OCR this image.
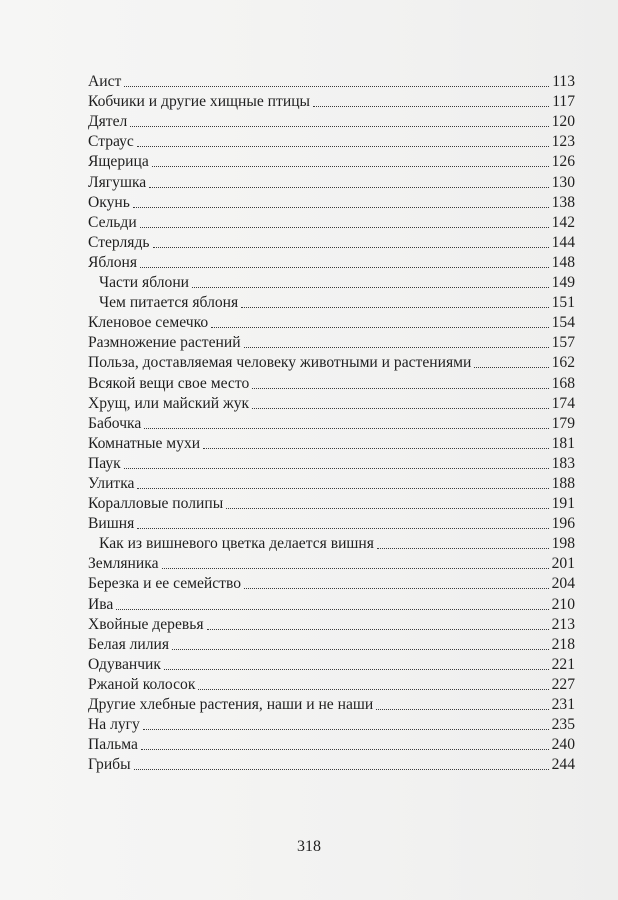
Аист	113
Кобчики и другие хищные птицы	117
Дятел	120
Страус	123
Ящерица	126
Лягушка	130
Окунь	138
Сельди	142
Стерлядь	144
Яблоня	148
Части яблони	149
Чем питается яблоня	151
Кленовое семечко	154
Размножение растений	157
Польза, доставляемая человеку животными и растениями	162
Всякой вещи свое место	168
Хрущ, или майский жук	174
Бабочка	179
Комнатные мухи	181
Паук	183
Улитка	188
Коралловые полипы	191
Вишня	196
Как из вишневого цветка делается вишня	198
Земляника	201
Березка и ее семейство	204
Ива	210
Хвойные деревья	213
Белая лилия	218
Одуванчик	221
Ржаной колосок	227
Другие хлебные растения, наши и не наши	231
На лугу	235
Пальма	240
Грибы	244
318
